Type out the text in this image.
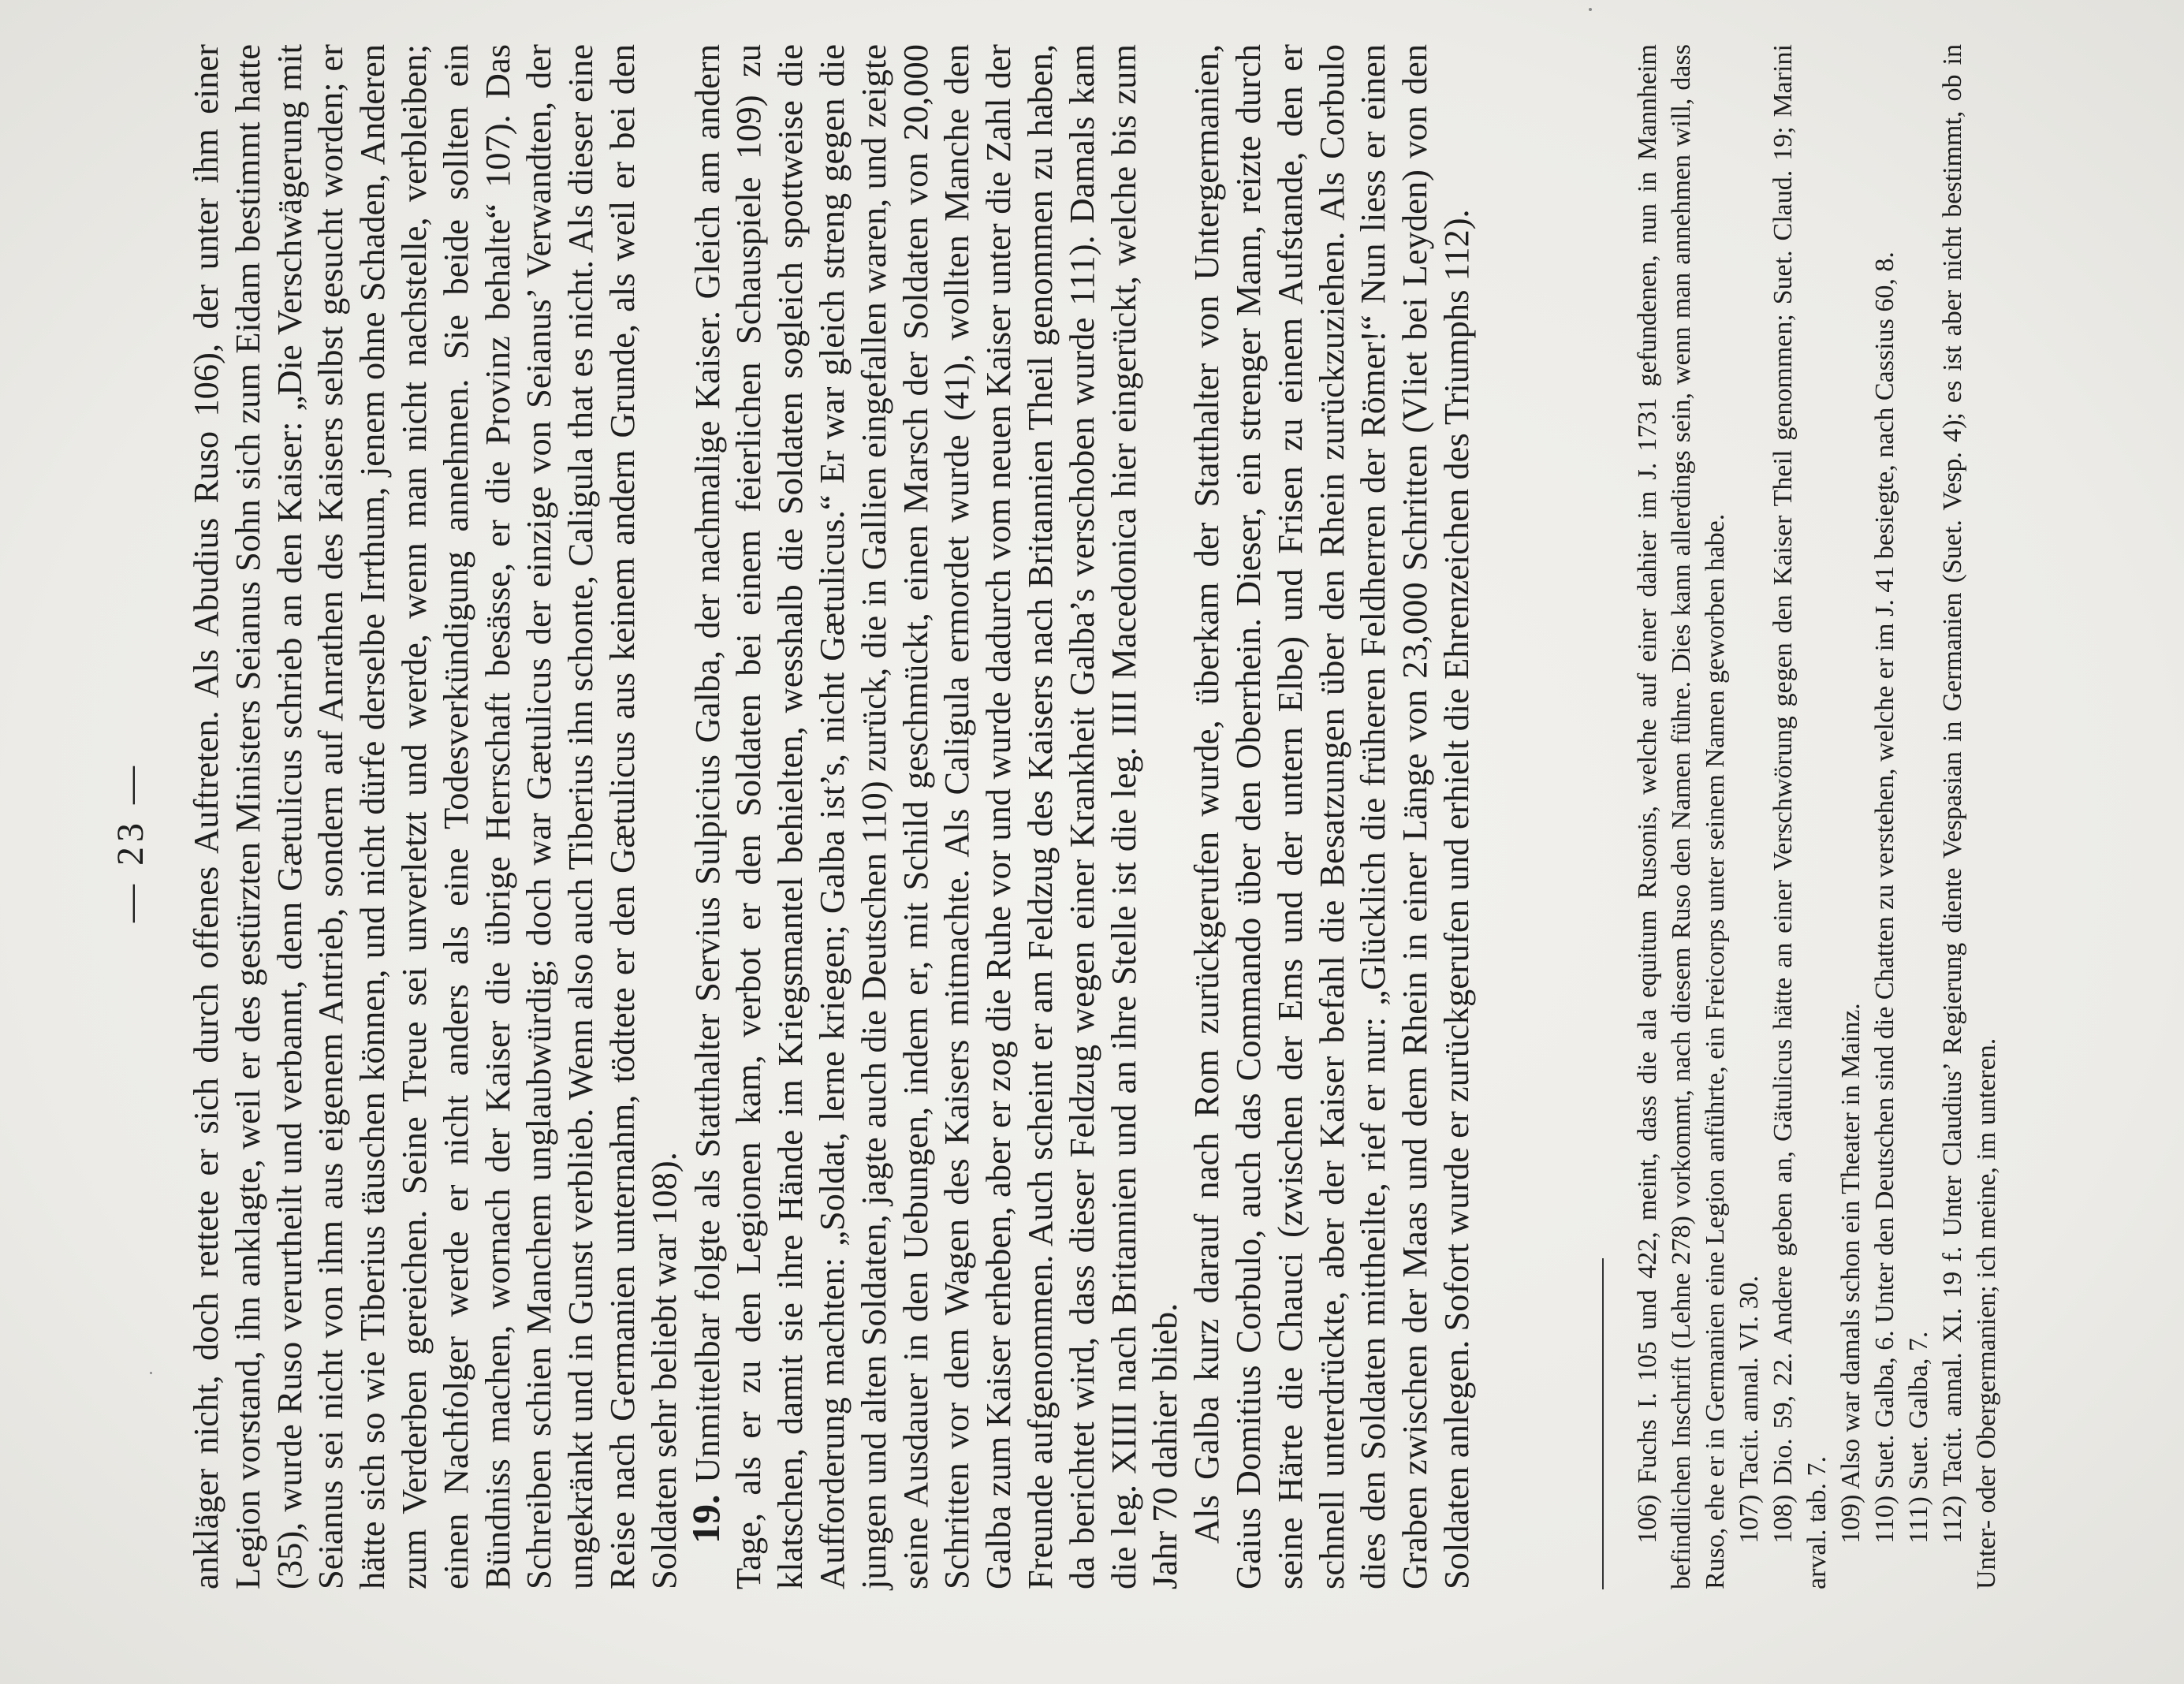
— 23 — ankläger nicht, doch rettete er sich durch offenes Auftreten. Als Abudius Ruso 106), der unter ihm einer Legion vorstand, ihn anklagte, weil er des gestürzten Ministers Seianus Sohn sich zum Eidam bestimmt hatte (35), wurde Ruso verurtheilt und verbannt, denn Gætulicus schrieb an den Kaiser: „Die Verschwägerung mit Seianus sei nicht von ihm aus eigenem Antrieb, sondern auf Anrathen des Kaisers selbst gesucht worden; er hätte sich so wie Tiberius täuschen können, und nicht dürfe derselbe Irrthum, jenem ohne Schaden, Anderen zum Verderben gereichen. Seine Treue sei unverletzt und werde, wenn man nicht nachstelle, verbleiben; einen Nachfolger werde er nicht anders als eine Todesverkündigung annehmen. Sie beide sollten ein Bündniss machen, wornach der Kaiser die übrige Herrschaft besässe, er die Provinz behalte“ 107). Das Schreiben schien Manchem unglaubwürdig; doch war Gætulicus der einzige von Seianus’ Verwandten, der ungekränkt und in Gunst verblieb. Wenn also auch Tiberius ihn schonte, Caligula that es nicht. Als dieser eine Reise nach Germanien unternahm, tödtete er den Gætulicus aus keinem andern Grunde, als weil er bei den Soldaten sehr beliebt war 108). 19. Unmittelbar folgte als Statthalter Servius Sulpicius Galba, der nachmalige Kaiser. Gleich am andern Tage, als er zu den Legionen kam, verbot er den Soldaten bei einem feierlichen Schauspiele 109) zu klatschen, damit sie ihre Hände im Kriegsmantel behielten, wesshalb die Soldaten sogleich spottweise die Aufforderung machten: „Soldat, lerne kriegen; Galba ist’s, nicht Gætulicus.“ Er war gleich streng gegen die jungen und alten Soldaten, jagte auch die Deutschen 110) zurück, die in Gallien eingefallen waren, und zeigte seine Ausdauer in den Uebungen, indem er, mit Schild geschmückt, einen Marsch der Soldaten von 20,000 Schritten vor dem Wagen des Kaisers mitmachte. Als Caligula ermordet wurde (41), wollten Manche den Galba zum Kaiser erheben, aber er zog die Ruhe vor und wurde dadurch vom neuen Kaiser unter die Zahl der Freunde aufgenommen. Auch scheint er am Feldzug des Kaisers nach Britannien Theil genommen zu haben, da berichtet wird, dass dieser Feldzug wegen einer Krankheit Galba’s verschoben wurde 111). Damals kam die leg. XIIII nach Britannien und an ihre Stelle ist die leg. IIII Macedonica hier eingerückt, welche bis zum Jahr 70 dahier blieb. Als Galba kurz darauf nach Rom zurückgerufen wurde, überkam der Statthalter von Untergermanien, Gaius Domitius Corbulo, auch das Commando über den Oberrhein. Dieser, ein strenger Mann, reizte durch seine Härte die Chauci (zwischen der Ems und der untern Elbe) und Frisen zu einem Aufstande, den er schnell unterdrückte, aber der Kaiser befahl die Besatzungen über den Rhein zurückzuziehen. Als Corbulo dies den Soldaten mittheilte, rief er nur: „Glücklich die früheren Feldherren der Römer!“ Nun liess er einen Graben zwischen der Maas und dem Rhein in einer Länge von 23,000 Schritten (Vliet bei Leyden) von den Soldaten anlegen. Sofort wurde er zurückgerufen und erhielt die Ehrenzeichen des Triumphs 112).	106) Fuchs I. 105 und 422, meint, dass die ala equitum Rusonis, welche auf einer dahier im J. 1731 gefundenen, nun in Mannheim befindlichen Inschrift (Lehne 278) vorkommt, nach diesem Ruso den Namen führe. Dies kann allerdings sein, wenn man annehmen will, dass Ruso, ehe er in Germanien eine Legion anführte, ein Freicorps unter seinem Namen geworben habe. 107) Tacit. annal. VI. 30. 108) Dio. 59, 22. Andere geben an, Gätulicus hätte an einer Verschwörung gegen den Kaiser Theil genommen; Suet. Claud. 19; Marini arval. tab. 7. 109) Also war damals schon ein Theater in Mainz. 110) Suet. Galba, 6. Unter den Deutschen sind die Chatten zu verstehen, welche er im J. 41 besiegte, nach Cassius 60, 8. 111) Suet. Galba, 7. 112) Tacit. annal. XI. 19 f. Unter Claudius’ Regierung diente Vespasian in Germanien (Suet. Vesp. 4); es ist aber nicht bestimmt, ob in Unter- oder Obergermanien; ich meine, im unteren.
